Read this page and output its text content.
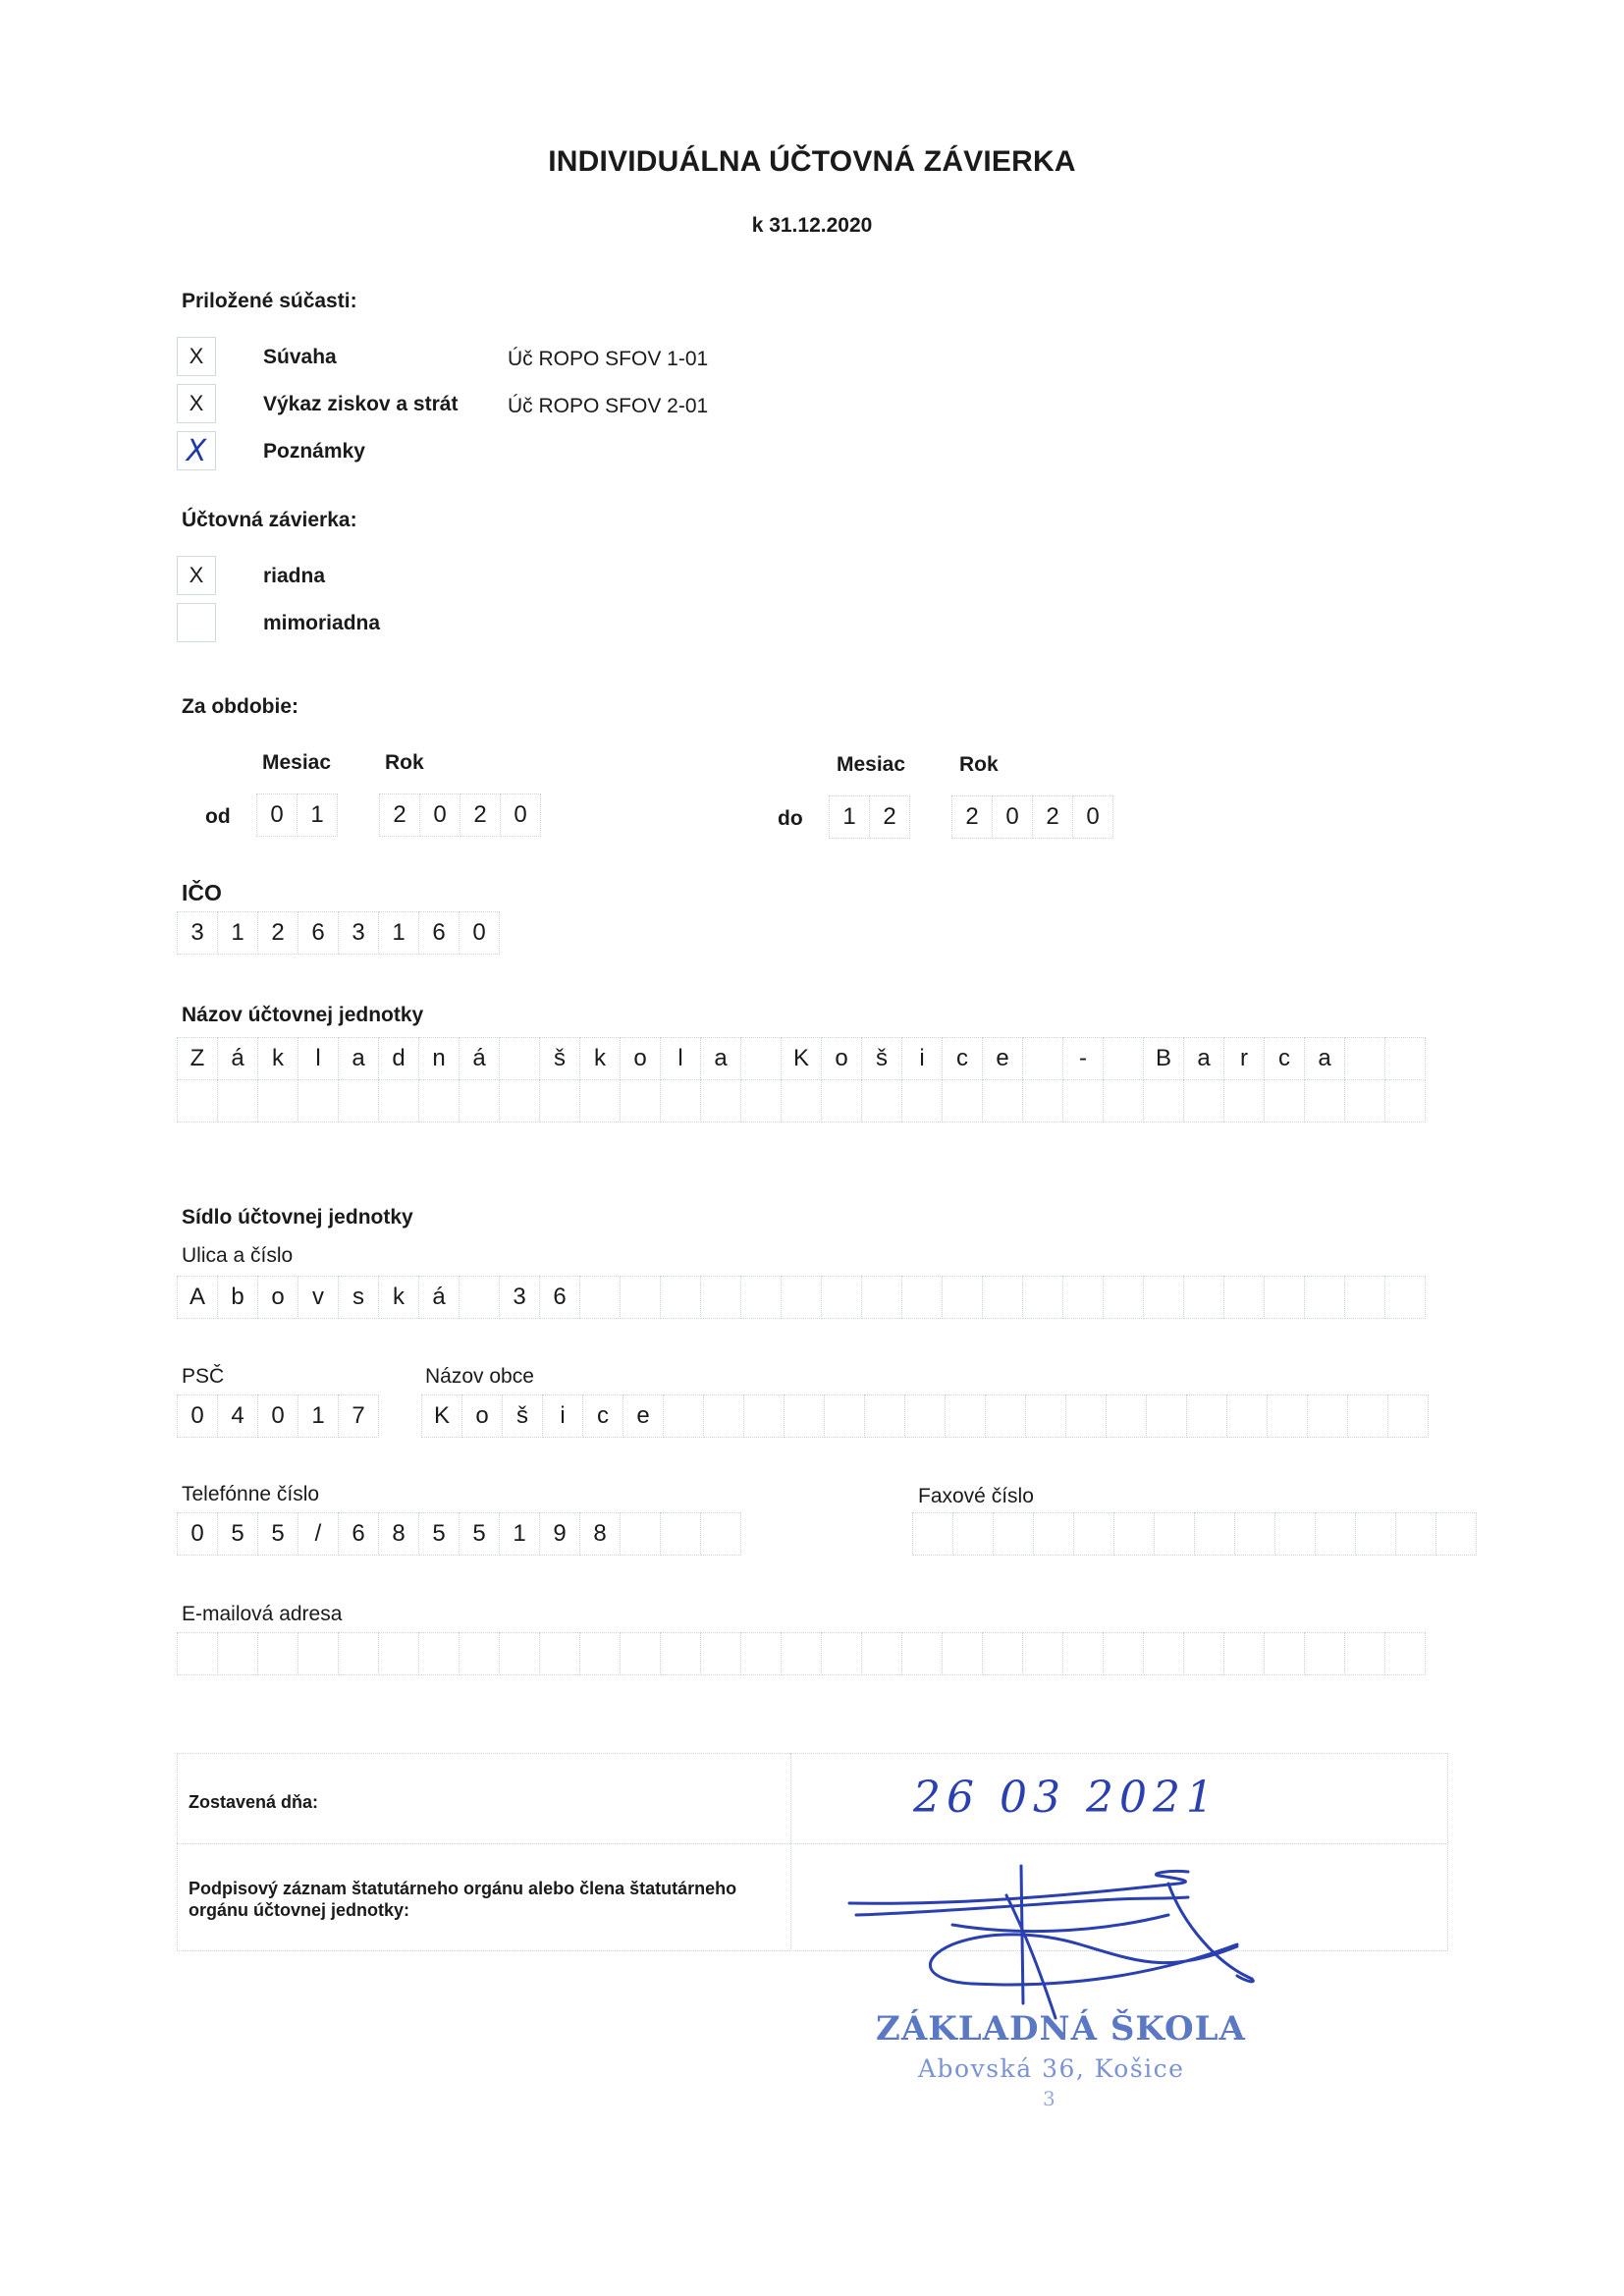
INDIVIDUÁLNA ÚČTOVNÁ ZÁVIERKA
k 31.12.2020
Priložené súčasti:
X	Súvaha	Úč ROPO SFOV 1-01
X	Výkaz ziskov a strát Úč ROPO SFOV 2-01
X	Poznámky
Účtovná závierka:
X	riadna
mimoriadna
Za obdobie:
Mesiac	Rok	Mesiac	Rok
od	0	1	2	0	2	0	do	1	2	2	0	2	0
IČO
3	1	2	6	3	1	6	0
Názov účtovnej jednotky
Z	á	k	l	a	d	n	á	š	k	o	l	a	K	o	š	i	c	e	-	B	a	r	c	a
Sídlo účtovnej jednotky
Ulica a číslo
A	b	o	v	s	k	á	3	6
PSČ
0	4	0	1	7
Názov obce
K	o	š	i	c	e
Telefónne číslo
0	5	5	/	6	8	5	5	1	9	8
Faxové číslo
E-mailová adresa
Zostavená dňa:	26 03 2021
Podpisový záznam štatutárneho orgánu alebo člena štatutárneho orgánu účtovnej jednotky:
ZÁKLADNÁ ŠKOLA
Abovská 36, Košice
3
